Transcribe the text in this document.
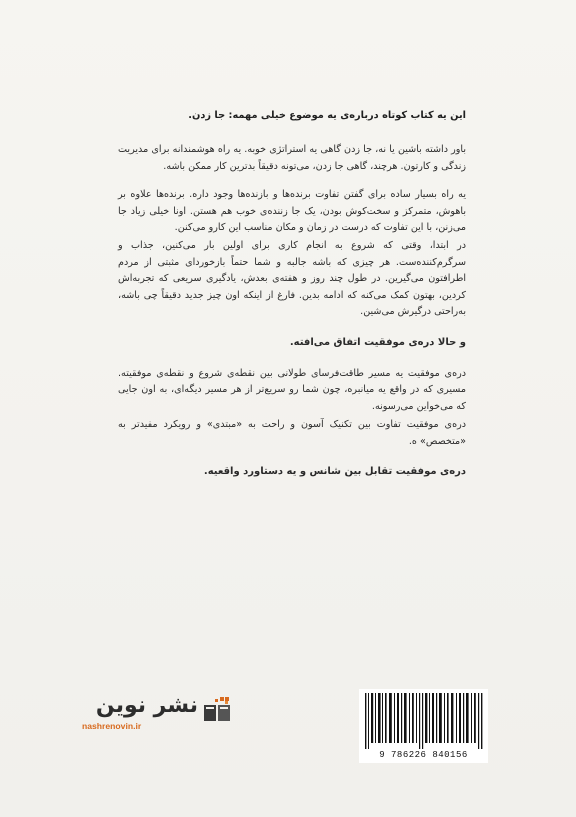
این یه کتاب کوتاه درباره‌ی یه موضوع خیلی مهمه: جا زدن.

باور داشته باشین یا نه، جا زدن گاهی یه استراتژی خوبه. یه راه هوشمندانه برای مدیریت زندگی و کارتون. هرچند، گاهی جا زدن، می‌تونه دقیقاً بدترین کار ممکن باشه.

یه راه بسیار ساده برای گفتن تفاوت برنده‌ها و بازنده‌ها وجود داره. برنده‌ها علاوه بر باهوش، متمرکز و سخت‌کوش بودن، یک جا زننده‌ی خوب هم هستن. اونا خیلی زیاد جا می‌زنن، با این تفاوت که درست در زمان و مکان مناسب این کارو می‌کنن.

در ابتدا، وقتی که شروع به انجام کاری برای اولین بار می‌کنین، جذاب و سرگرم‌کننده‌ست. هر چیزی که باشه جالبه و شما حتماً بازخوردای مثبتی از مردم اطرافتون می‌گیرین. در طول چند روز و هفته‌ی بعدش، یادگیری سریعی که تجربه‌اش کردین، بهتون کمک می‌کنه که ادامه بدین. فارغ از اینکه اون چیز جدید دقیقاً چی باشه، به‌راحتی درگیرش می‌شین.

و حالا دره‌ی موفقیت اتفاق می‌افته.

دره‌ی موفقیت یه مسیر طاقت‌فرسای طولانی بین نقطه‌ی شروع و نقطه‌ی موفقیته. مسیری که در واقع یه میانبره، چون شما رو سریع‌تر از هر مسیر دیگه‌ای، به اون جایی که می‌خواین می‌رسونه.

دره‌ی موفقیت تفاوت بین تکنیک آسون و راحت به «مبتدی» و رویکرد مفیدتر به «متخصص» ه.

دره‌ی موفقیت تقابل بین شانس و یه دستاورد واقعیه.

نشر نوین
nashrenovin.ir
9 786226 840156
